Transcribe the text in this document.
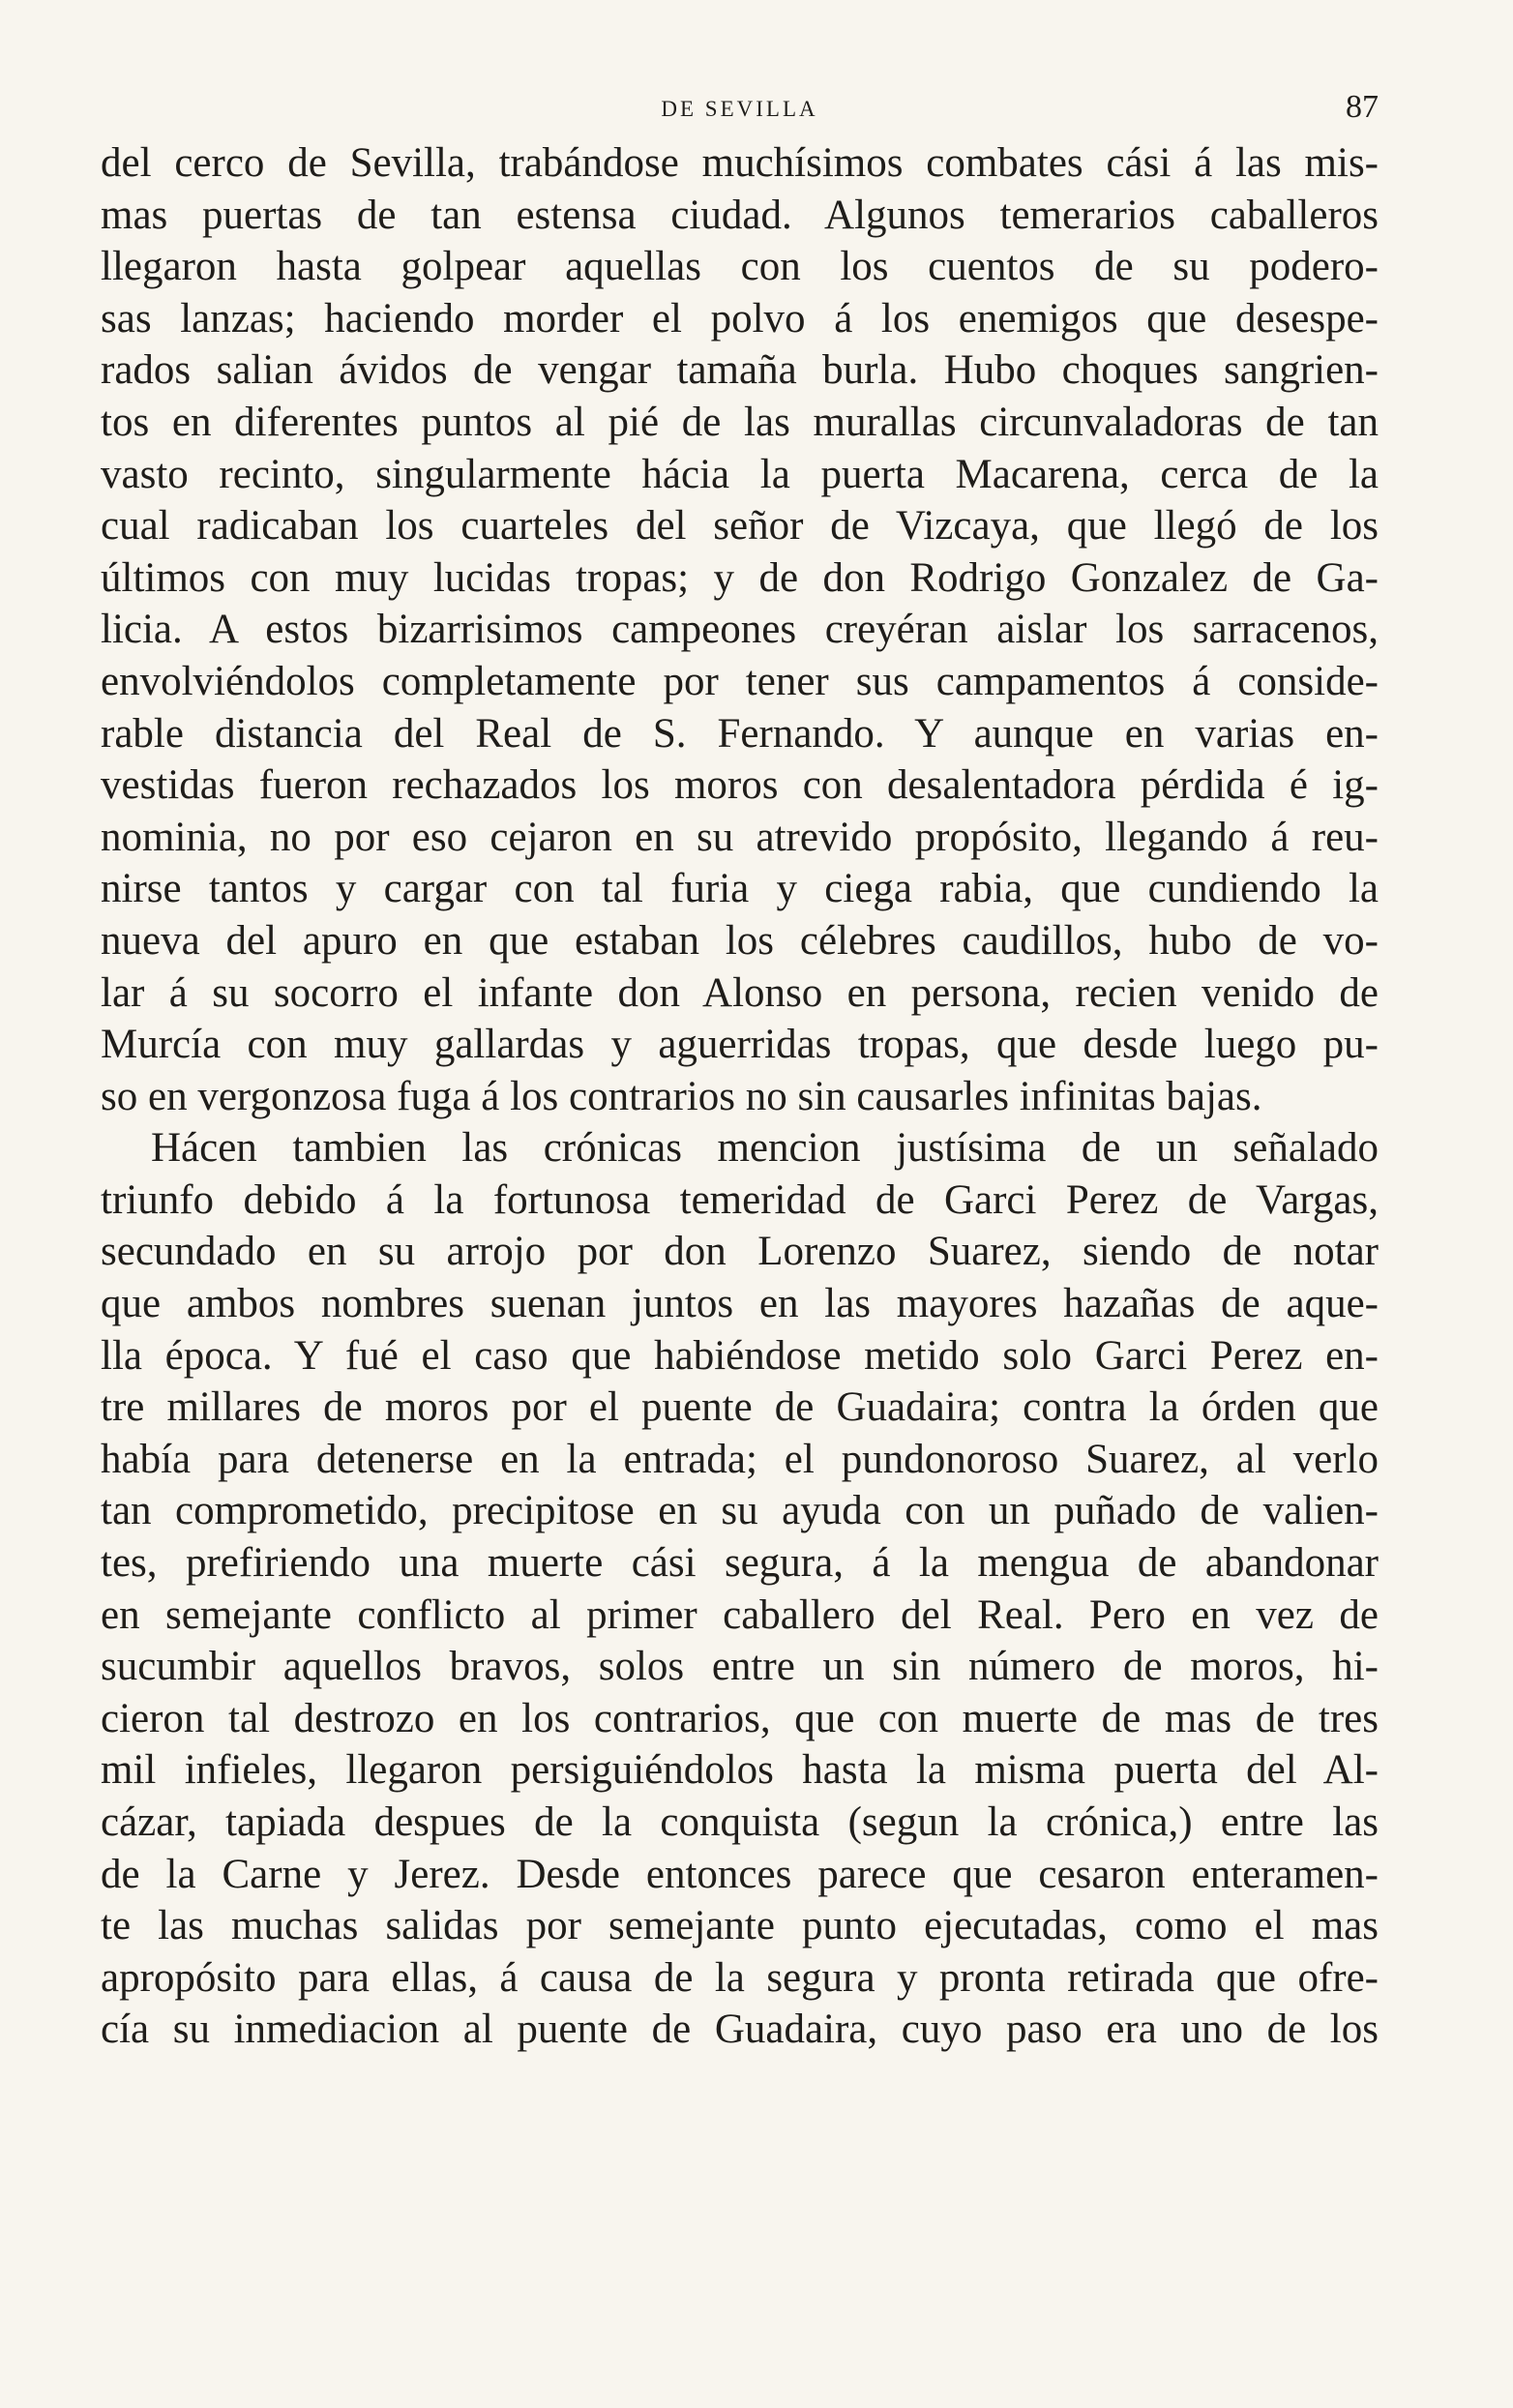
DE SEVILLA	87
del cerco de Sevilla, trabándose muchísimos combates cási á las mis-
mas puertas de tan estensa ciudad. Algunos temerarios caballeros
llegaron hasta golpear aquellas con los cuentos de su podero-
sas lanzas; haciendo morder el polvo á los enemigos que desespe-
rados salian ávidos de vengar tamaña burla. Hubo choques sangrien-
tos en diferentes puntos al pié de las murallas circunvaladoras de tan
vasto recinto, singularmente hácia la puerta Macarena, cerca de la
cual radicaban los cuarteles del señor de Vizcaya, que llegó de los
últimos con muy lucidas tropas; y de don Rodrigo Gonzalez de Ga-
licia. A estos bizarrisimos campeones creyéran aislar los sarracenos,
envolviéndolos completamente por tener sus campamentos á conside-
rable distancia del Real de S. Fernando. Y aunque en varias en-
vestidas fueron rechazados los moros con desalentadora pérdida é ig-
nominia, no por eso cejaron en su atrevido propósito, llegando á reu-
nirse tantos y cargar con tal furia y ciega rabia, que cundiendo la
nueva del apuro en que estaban los célebres caudillos, hubo de vo-
lar á su socorro el infante don Alonso en persona, recien venido de
Murcía con muy gallardas y aguerridas tropas, que desde luego pu-
so en vergonzosa fuga á los contrarios no sin causarles infinitas bajas.
Hácen tambien las crónicas mencion justísima de un señalado
triunfo debido á la fortunosa temeridad de Garci Perez de Vargas,
secundado en su arrojo por don Lorenzo Suarez, siendo de notar
que ambos nombres suenan juntos en las mayores hazañas de aque-
lla época. Y fué el caso que habiéndose metido solo Garci Perez en-
tre millares de moros por el puente de Guadaira; contra la órden que
había para detenerse en la entrada; el pundonoroso Suarez, al verlo
tan comprometido, precipitose en su ayuda con un puñado de valien-
tes, prefiriendo una muerte cási segura, á la mengua de abandonar
en semejante conflicto al primer caballero del Real. Pero en vez de
sucumbir aquellos bravos, solos entre un sin número de moros, hi-
cieron tal destrozo en los contrarios, que con muerte de mas de tres
mil infieles, llegaron persiguiéndolos hasta la misma puerta del Al-
cázar, tapiada despues de la conquista (segun la crónica,) entre las
de la Carne y Jerez. Desde entonces parece que cesaron enteramen-
te las muchas salidas por semejante punto ejecutadas, como el mas
apropósito para ellas, á causa de la segura y pronta retirada que ofre-
cía su inmediacion al puente de Guadaira, cuyo paso era uno de los
